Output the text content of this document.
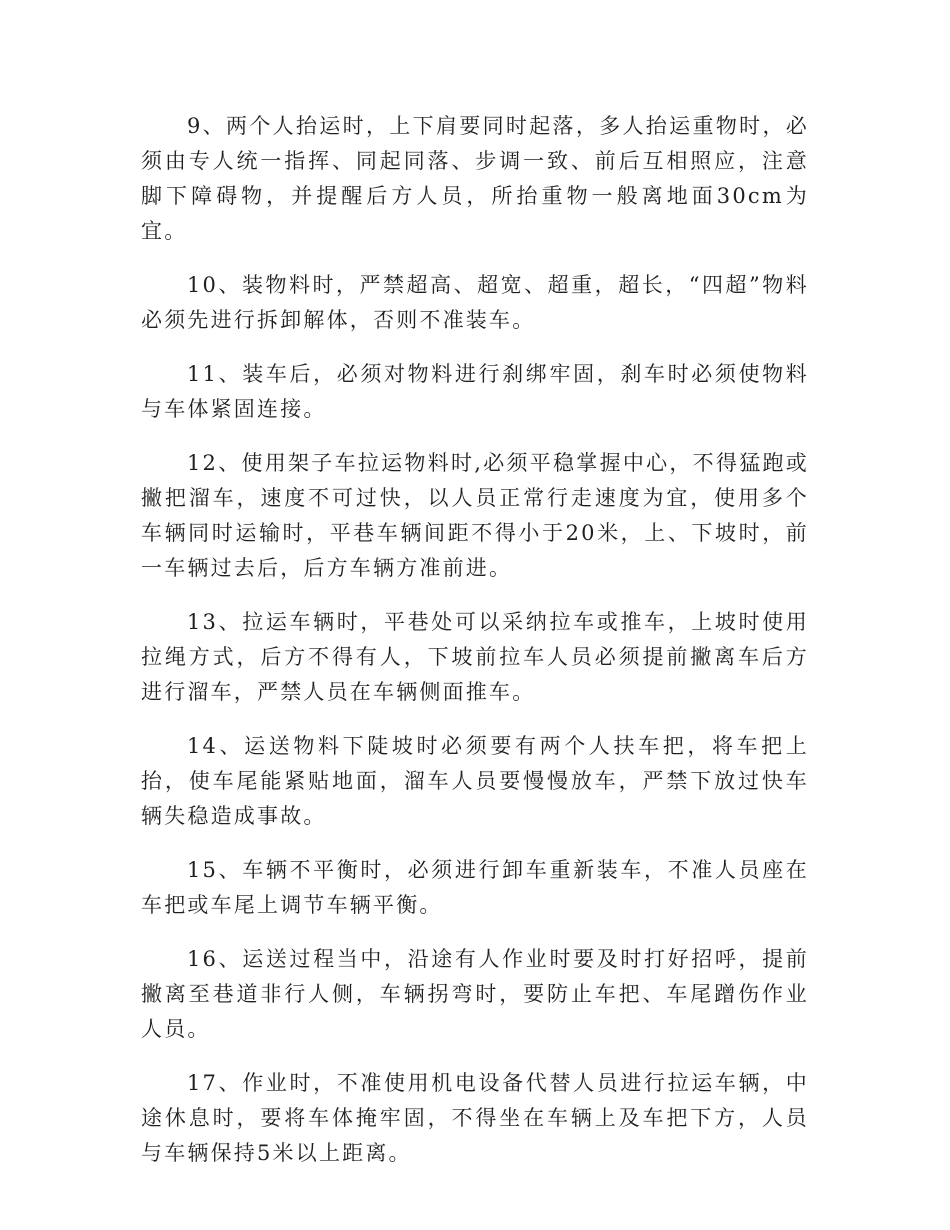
9、两个人抬运时，上下肩要同时起落，多人抬运重物时，必须由专人统一指挥、同起同落、步调一致、前后互相照应，注意脚下障碍物，并提醒后方人员，所抬重物一般离地面30cm为宜。

10、装物料时，严禁超高、超宽、超重，超长，“四超”物料必须先进行拆卸解体，否则不准装车。

11、装车后，必须对物料进行刹绑牢固，刹车时必须使物料与车体紧固连接。

12、使用架子车拉运物料时,必须平稳掌握中心，不得猛跑或撇把溜车，速度不可过快，以人员正常行走速度为宜，使用多个车辆同时运输时，平巷车辆间距不得小于20米，上、下坡时，前一车辆过去后，后方车辆方准前进。

13、拉运车辆时，平巷处可以采纳拉车或推车，上坡时使用拉绳方式，后方不得有人，下坡前拉车人员必须提前撇离车后方进行溜车，严禁人员在车辆侧面推车。

14、运送物料下陡坡时必须要有两个人扶车把，将车把上抬，使车尾能紧贴地面，溜车人员要慢慢放车，严禁下放过快车辆失稳造成事故。

15、车辆不平衡时，必须进行卸车重新装车，不准人员座在车把或车尾上调节车辆平衡。

16、运送过程当中，沿途有人作业时要及时打好招呼，提前撇离至巷道非行人侧，车辆拐弯时，要防止车把、车尾蹭伤作业人员。

17、作业时，不准使用机电设备代替人员进行拉运车辆，中途休息时，要将车体掩牢固，不得坐在车辆上及车把下方，人员与车辆保持5米以上距离。
